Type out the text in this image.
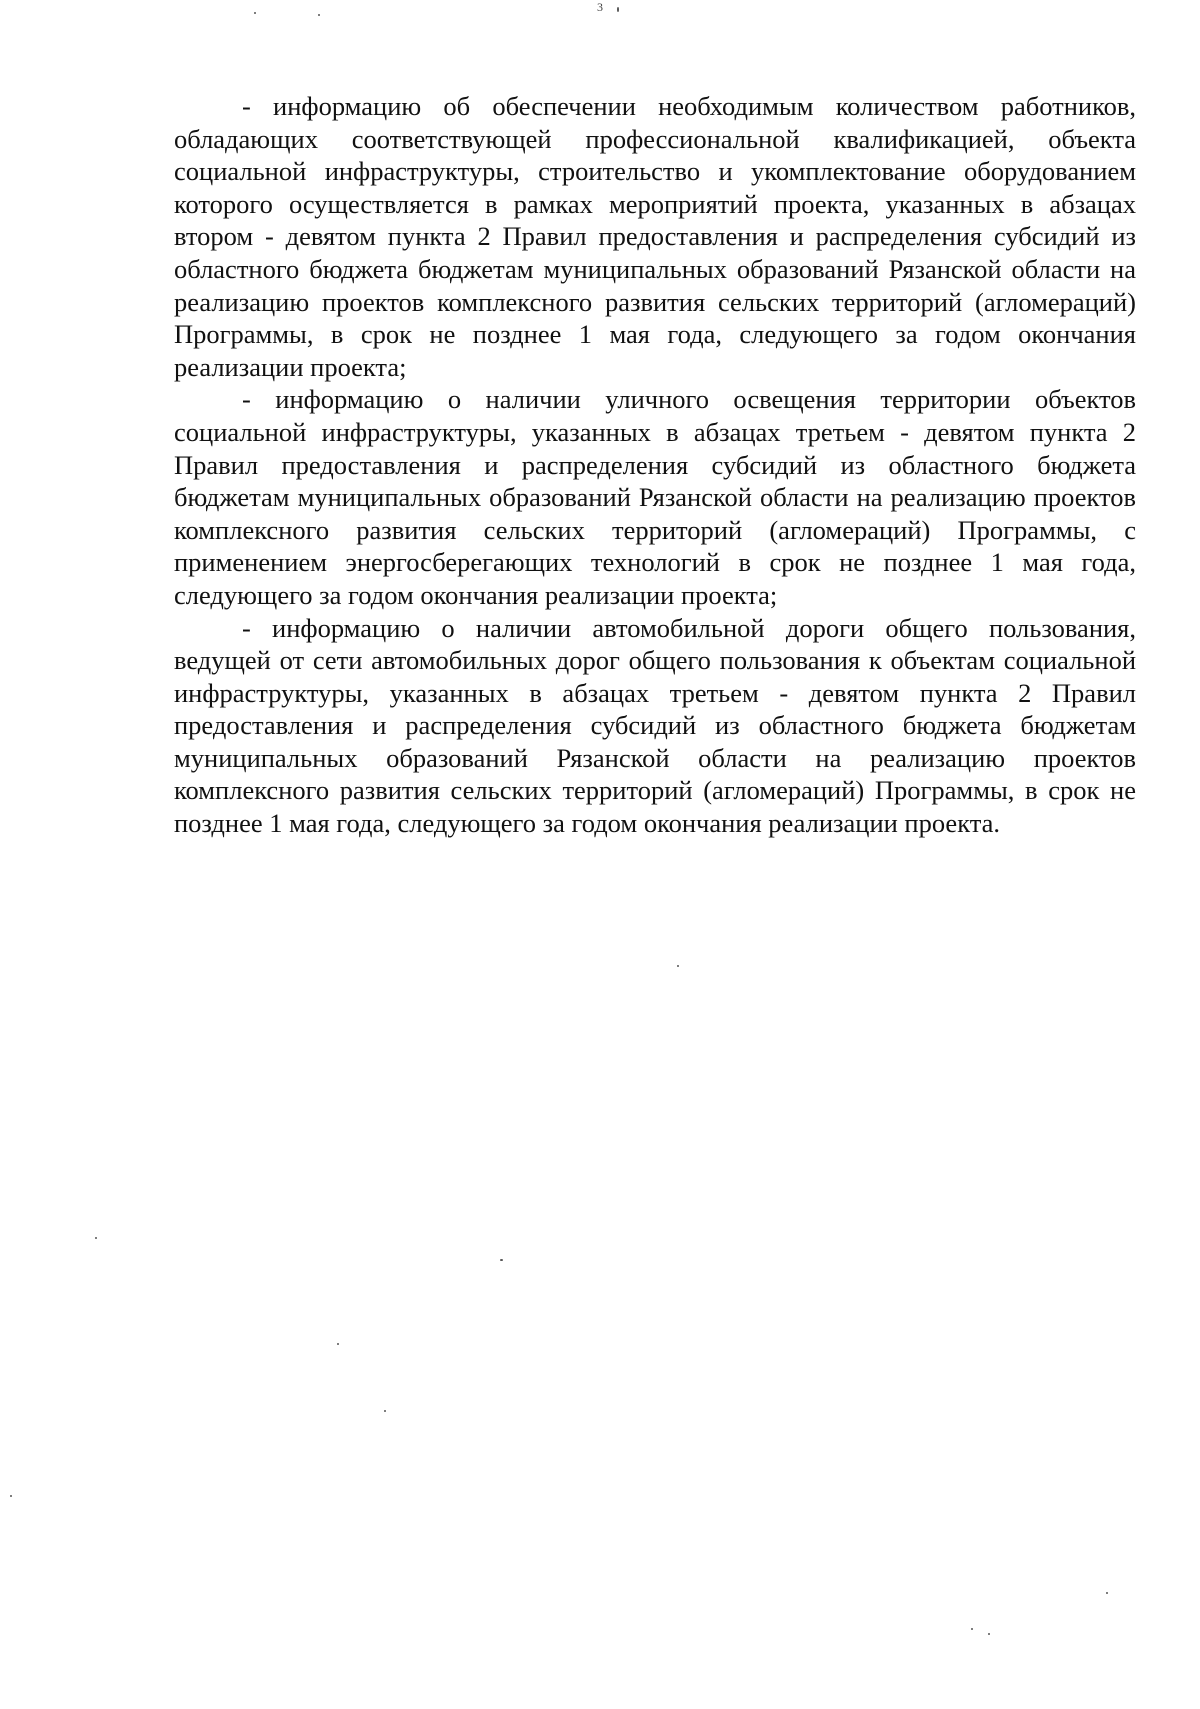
3

- информацию об обеспечении необходимым количеством работников, обладающих соответствующей профессиональной квалификацией, объекта социальной инфраструктуры, строительство и укомплектование оборудованием которого осуществляется в рамках мероприятий проекта, указанных в абзацах втором - девятом пункта 2 Правил предоставления и распределения субсидий из областного бюджета бюджетам муниципальных образований Рязанской области на реализацию проектов комплексного развития сельских территорий (агломераций) Программы, в срок не позднее 1 мая года, следующего за годом окончания реализации проекта;

- информацию о наличии уличного освещения территории объектов социальной инфраструктуры, указанных в абзацах третьем - девятом пункта 2 Правил предоставления и распределения субсидий из областного бюджета бюджетам муниципальных образований Рязанской области на реализацию проектов комплексного развития сельских территорий (агломераций) Программы, с применением энергосберегающих технологий в срок не позднее 1 мая года, следующего за годом окончания реализации проекта;

- информацию о наличии автомобильной дороги общего пользования, ведущей от сети автомобильных дорог общего пользования к объектам социальной инфраструктуры, указанных в абзацах третьем - девятом пункта 2 Правил предоставления и распределения субсидий из областного бюджета бюджетам муниципальных образований Рязанской области на реализацию проектов комплексного развития сельских территорий (агломераций) Программы, в срок не позднее 1 мая года, следующего за годом окончания реализации проекта.
